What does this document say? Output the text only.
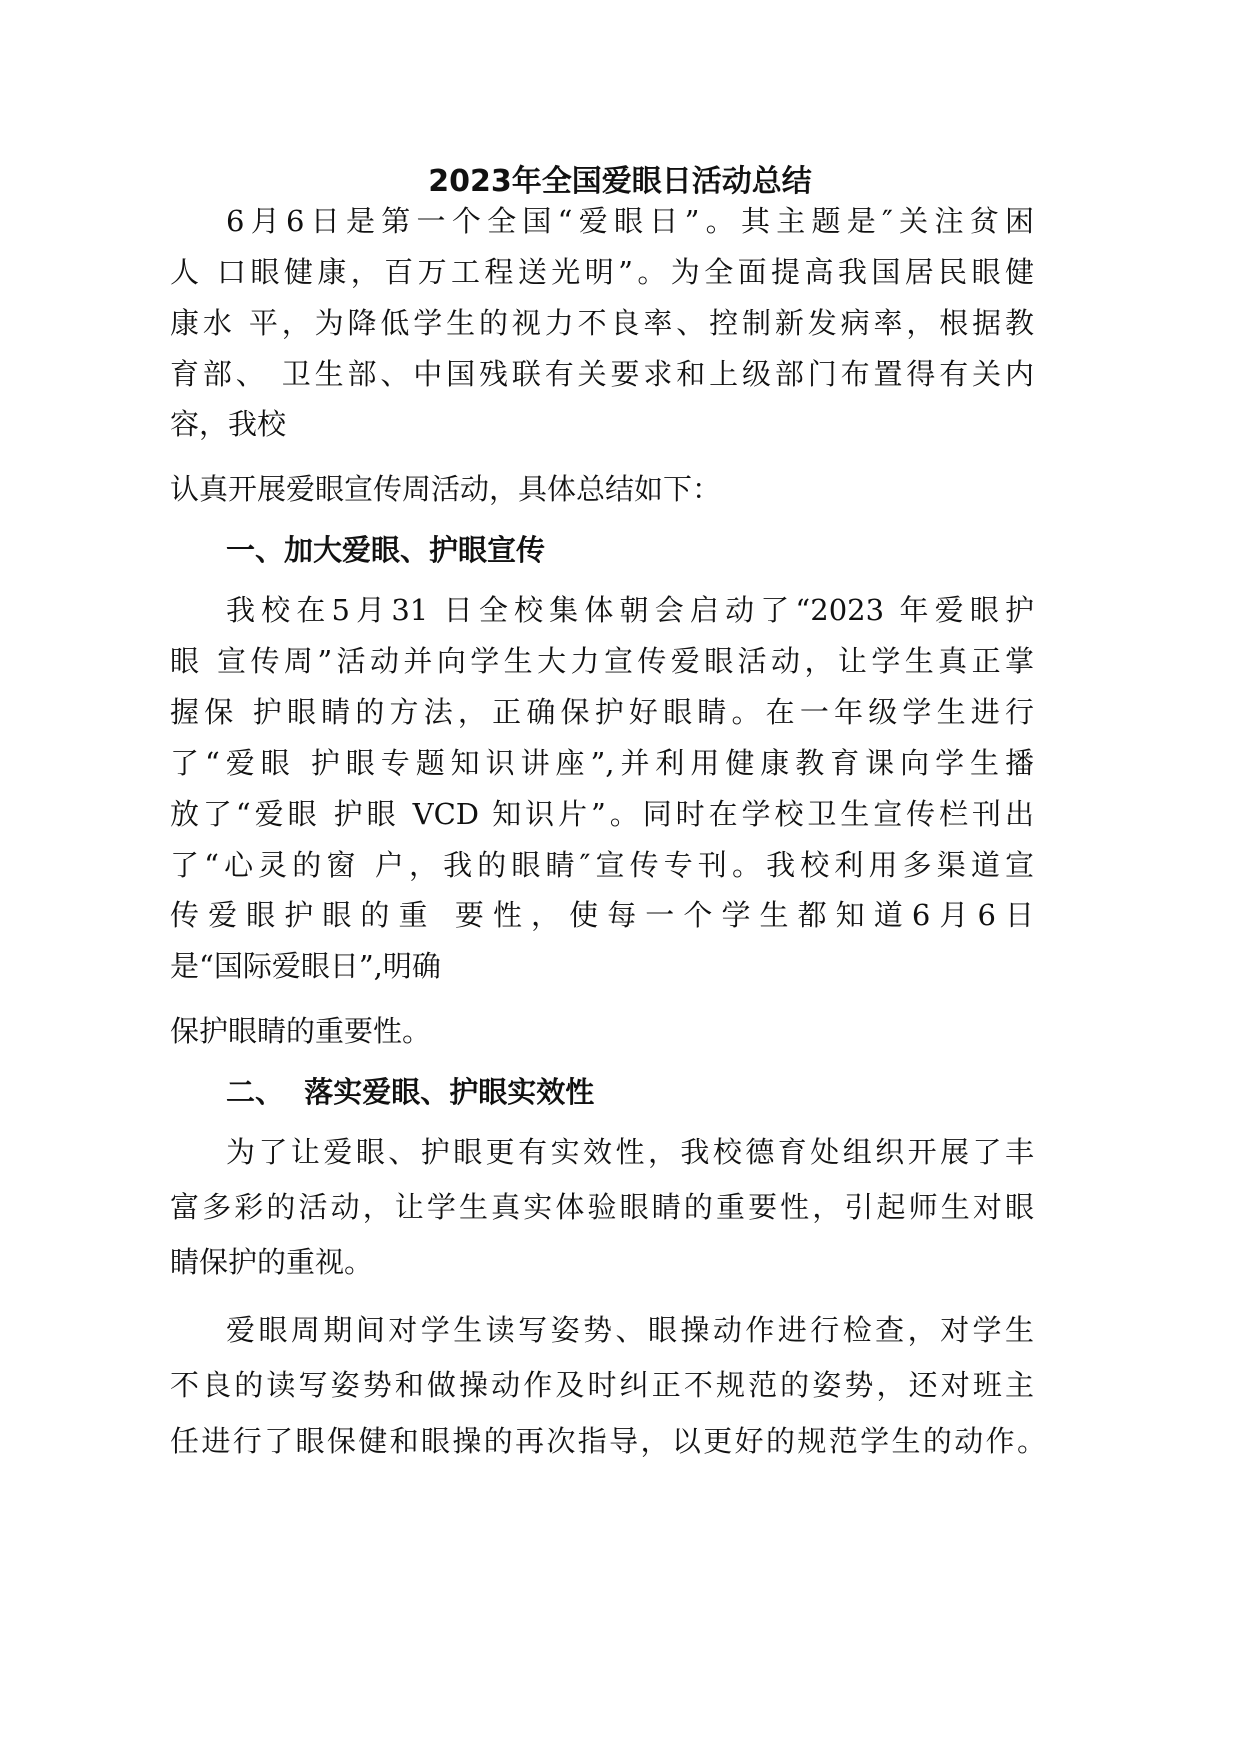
2023年全国爱眼日活动总结
6月6日是第一个全国“爱眼日”。其主题是″关注贫困
人 口眼健康，百万工程送光明”。为全面提高我国居民眼健
康水 平，为降低学生的视力不良率、控制新发病率，根据教
育部、 卫生部、中国残联有关要求和上级部门布置得有关内
容，我校
认真开展爱眼宣传周活动，具体总结如下：
一、加大爱眼、护眼宣传
我校在5月31 日全校集体朝会启动了“2023 年爱眼护
眼 宣传周”活动并向学生大力宣传爱眼活动，让学生真正掌
握保 护眼睛的方法，正确保护好眼睛。在一年级学生进行
了“爱眼 护眼专题知识讲座”,并利用健康教育课向学生播
放了“爱眼 护眼 VCD 知识片”。同时在学校卫生宣传栏刊出
了“心灵的窗 户，我的眼睛″宣传专刊。我校利用多渠道宣
传爱眼护眼的重 要性，使每一个学生都知道6月6日
是“国际爱眼日”,明确
保护眼睛的重要性。
二、  落实爱眼、护眼实效性
为了让爱眼、护眼更有实效性，我校德育处组织开展了丰
富多彩的活动，让学生真实体验眼睛的重要性，引起师生对眼
睛保护的重视。
爱眼周期间对学生读写姿势、眼操动作进行检查，对学生
不良的读写姿势和做操动作及时纠正不规范的姿势，还对班主
任进行了眼保健和眼操的再次指导，以更好的规范学生的动作。
